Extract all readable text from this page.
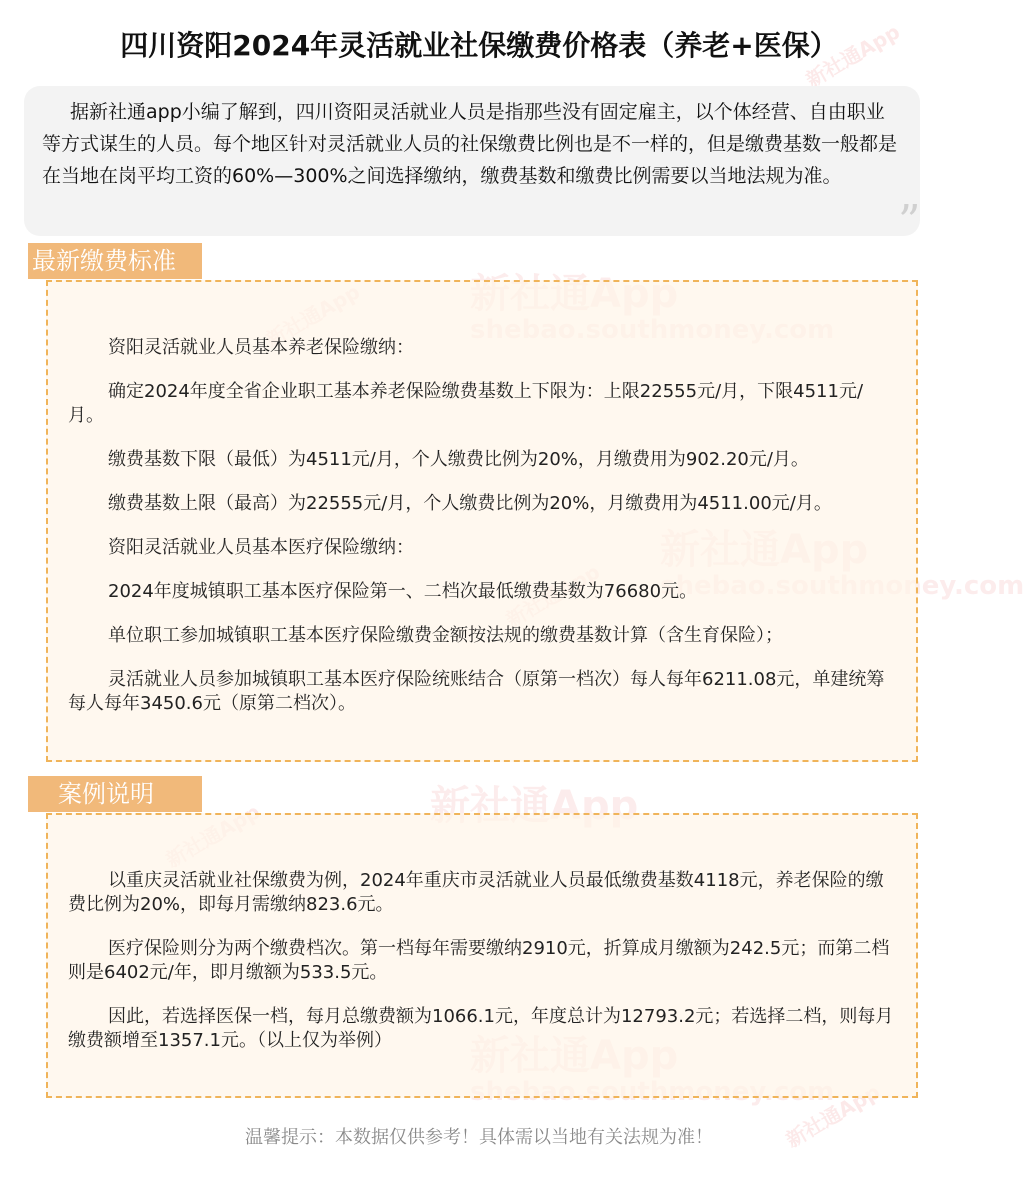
新社通App
新社通App
新社通App
四川资阳2024年灵活就业社保缴费价格表（养老+医保）

据新社通app小编了解到，四川资阳灵活就业人员是指那些没有固定雇主，以个体经营、自由职业等方式谋生的人员。每个地区针对灵活就业人员的社保缴费比例也是不一样的，但是缴费基数一般都是在当地在岗平均工资的60%—300%之间选择缴纳，缴费基数和缴费比例需要以当地法规为准。

”
最新缴费标准

资阳灵活就业人员基本养老保险缴纳：

确定2024年度全省企业职工基本养老保险缴费基数上下限为：上限22555元/月，下限4511元/月。

缴费基数下限（最低）为4511元/月，个人缴费比例为20%，月缴费用为902.20元/月。

缴费基数上限（最高）为22555元/月，个人缴费比例为20%，月缴费用为4511.00元/月。

资阳灵活就业人员基本医疗保险缴纳：

2024年度城镇职工基本医疗保险第一、二档次最低缴费基数为76680元。

单位职工参加城镇职工基本医疗保险缴费金额按法规的缴费基数计算（含生育保险）；

灵活就业人员参加城镇职工基本医疗保险统账结合（原第一档次）每人每年6211.08元，单建统筹每人每年3450.6元（原第二档次）。

案例说明

以重庆灵活就业社保缴费为例，2024年重庆市灵活就业人员最低缴费基数4118元，养老保险的缴费比例为20%，即每月需缴纳823.6元。

医疗保险则分为两个缴费档次。第一档每年需要缴纳2910元，折算成月缴额为242.5元；而第二档则是6402元/年，即月缴额为533.5元。

因此，若选择医保一档，每月总缴费额为1066.1元，年度总计为12793.2元；若选择二档，则每月缴费额增至1357.1元。（以上仅为举例）

温馨提示：本数据仅供参考！具体需以当地有关法规为准！
